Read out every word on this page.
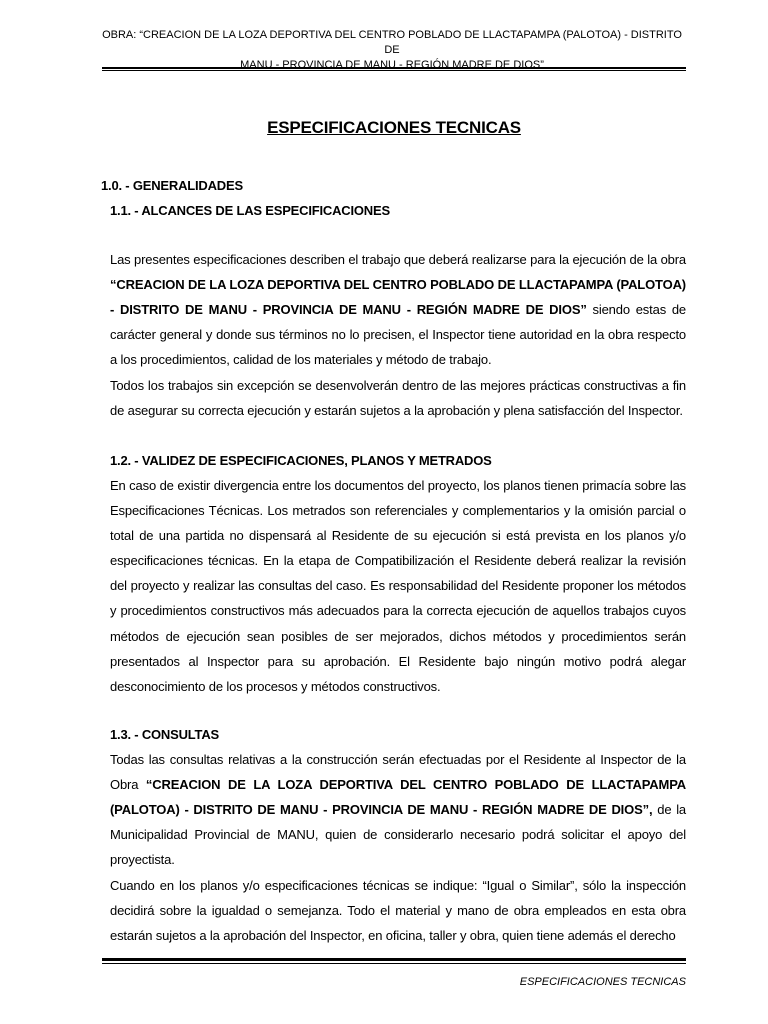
OBRA: “CREACION DE LA LOZA DEPORTIVA DEL CENTRO POBLADO DE LLACTAPAMPA (PALOTOA) - DISTRITO DE
MANU - PROVINCIA DE MANU - REGIÓN MADRE DE DIOS”
ESPECIFICACIONES TECNICAS
1.0. - GENERALIDADES
1.1. - ALCANCES DE LAS ESPECIFICACIONES
Las presentes especificaciones describen el trabajo que deberá realizarse para la ejecución de la obra “CREACION DE LA LOZA DEPORTIVA DEL CENTRO POBLADO DE LLACTAPAMPA (PALOTOA) - DISTRITO DE MANU - PROVINCIA DE MANU - REGIÓN MADRE DE DIOS” siendo estas de carácter general y donde sus términos no lo precisen, el Inspector tiene autoridad en la obra respecto a los procedimientos, calidad de los materiales y método de trabajo.
Todos los trabajos sin excepción se desenvolverán dentro de las mejores prácticas constructivas a fin de asegurar su correcta ejecución y estarán sujetos a la aprobación y plena satisfacción del Inspector.
1.2. - VALIDEZ DE ESPECIFICACIONES, PLANOS Y METRADOS
En caso de existir divergencia entre los documentos del proyecto, los planos tienen primacía sobre las Especificaciones Técnicas. Los metrados son referenciales y complementarios y la omisión parcial o total de una partida no dispensará al Residente de su ejecución si está prevista en los planos y/o especificaciones técnicas. En la etapa de Compatibilización el Residente deberá realizar la revisión del proyecto y realizar las consultas del caso. Es responsabilidad del Residente proponer los métodos y procedimientos constructivos más adecuados para la correcta ejecución de aquellos trabajos cuyos métodos de ejecución sean posibles de ser mejorados, dichos métodos y procedimientos serán presentados al Inspector para su aprobación. El Residente bajo ningún motivo podrá alegar desconocimiento de los procesos y métodos constructivos.
1.3. - CONSULTAS
Todas las consultas relativas a la construcción serán efectuadas por el Residente al Inspector de la Obra “CREACION DE LA LOZA DEPORTIVA DEL CENTRO POBLADO DE LLACTAPAMPA (PALOTOA) - DISTRITO DE MANU - PROVINCIA DE MANU - REGIÓN MADRE DE DIOS”, de la Municipalidad Provincial de MANU, quien de considerarlo necesario podrá solicitar el apoyo del proyectista.
Cuando en los planos y/o especificaciones técnicas se indique: “Igual o Similar”, sólo la inspección decidirá sobre la igualdad o semejanza. Todo el material y mano de obra empleados en esta obra estarán sujetos a la aprobación del Inspector, en oficina, taller y obra, quien tiene además el derecho
ESPECIFICACIONES TECNICAS
